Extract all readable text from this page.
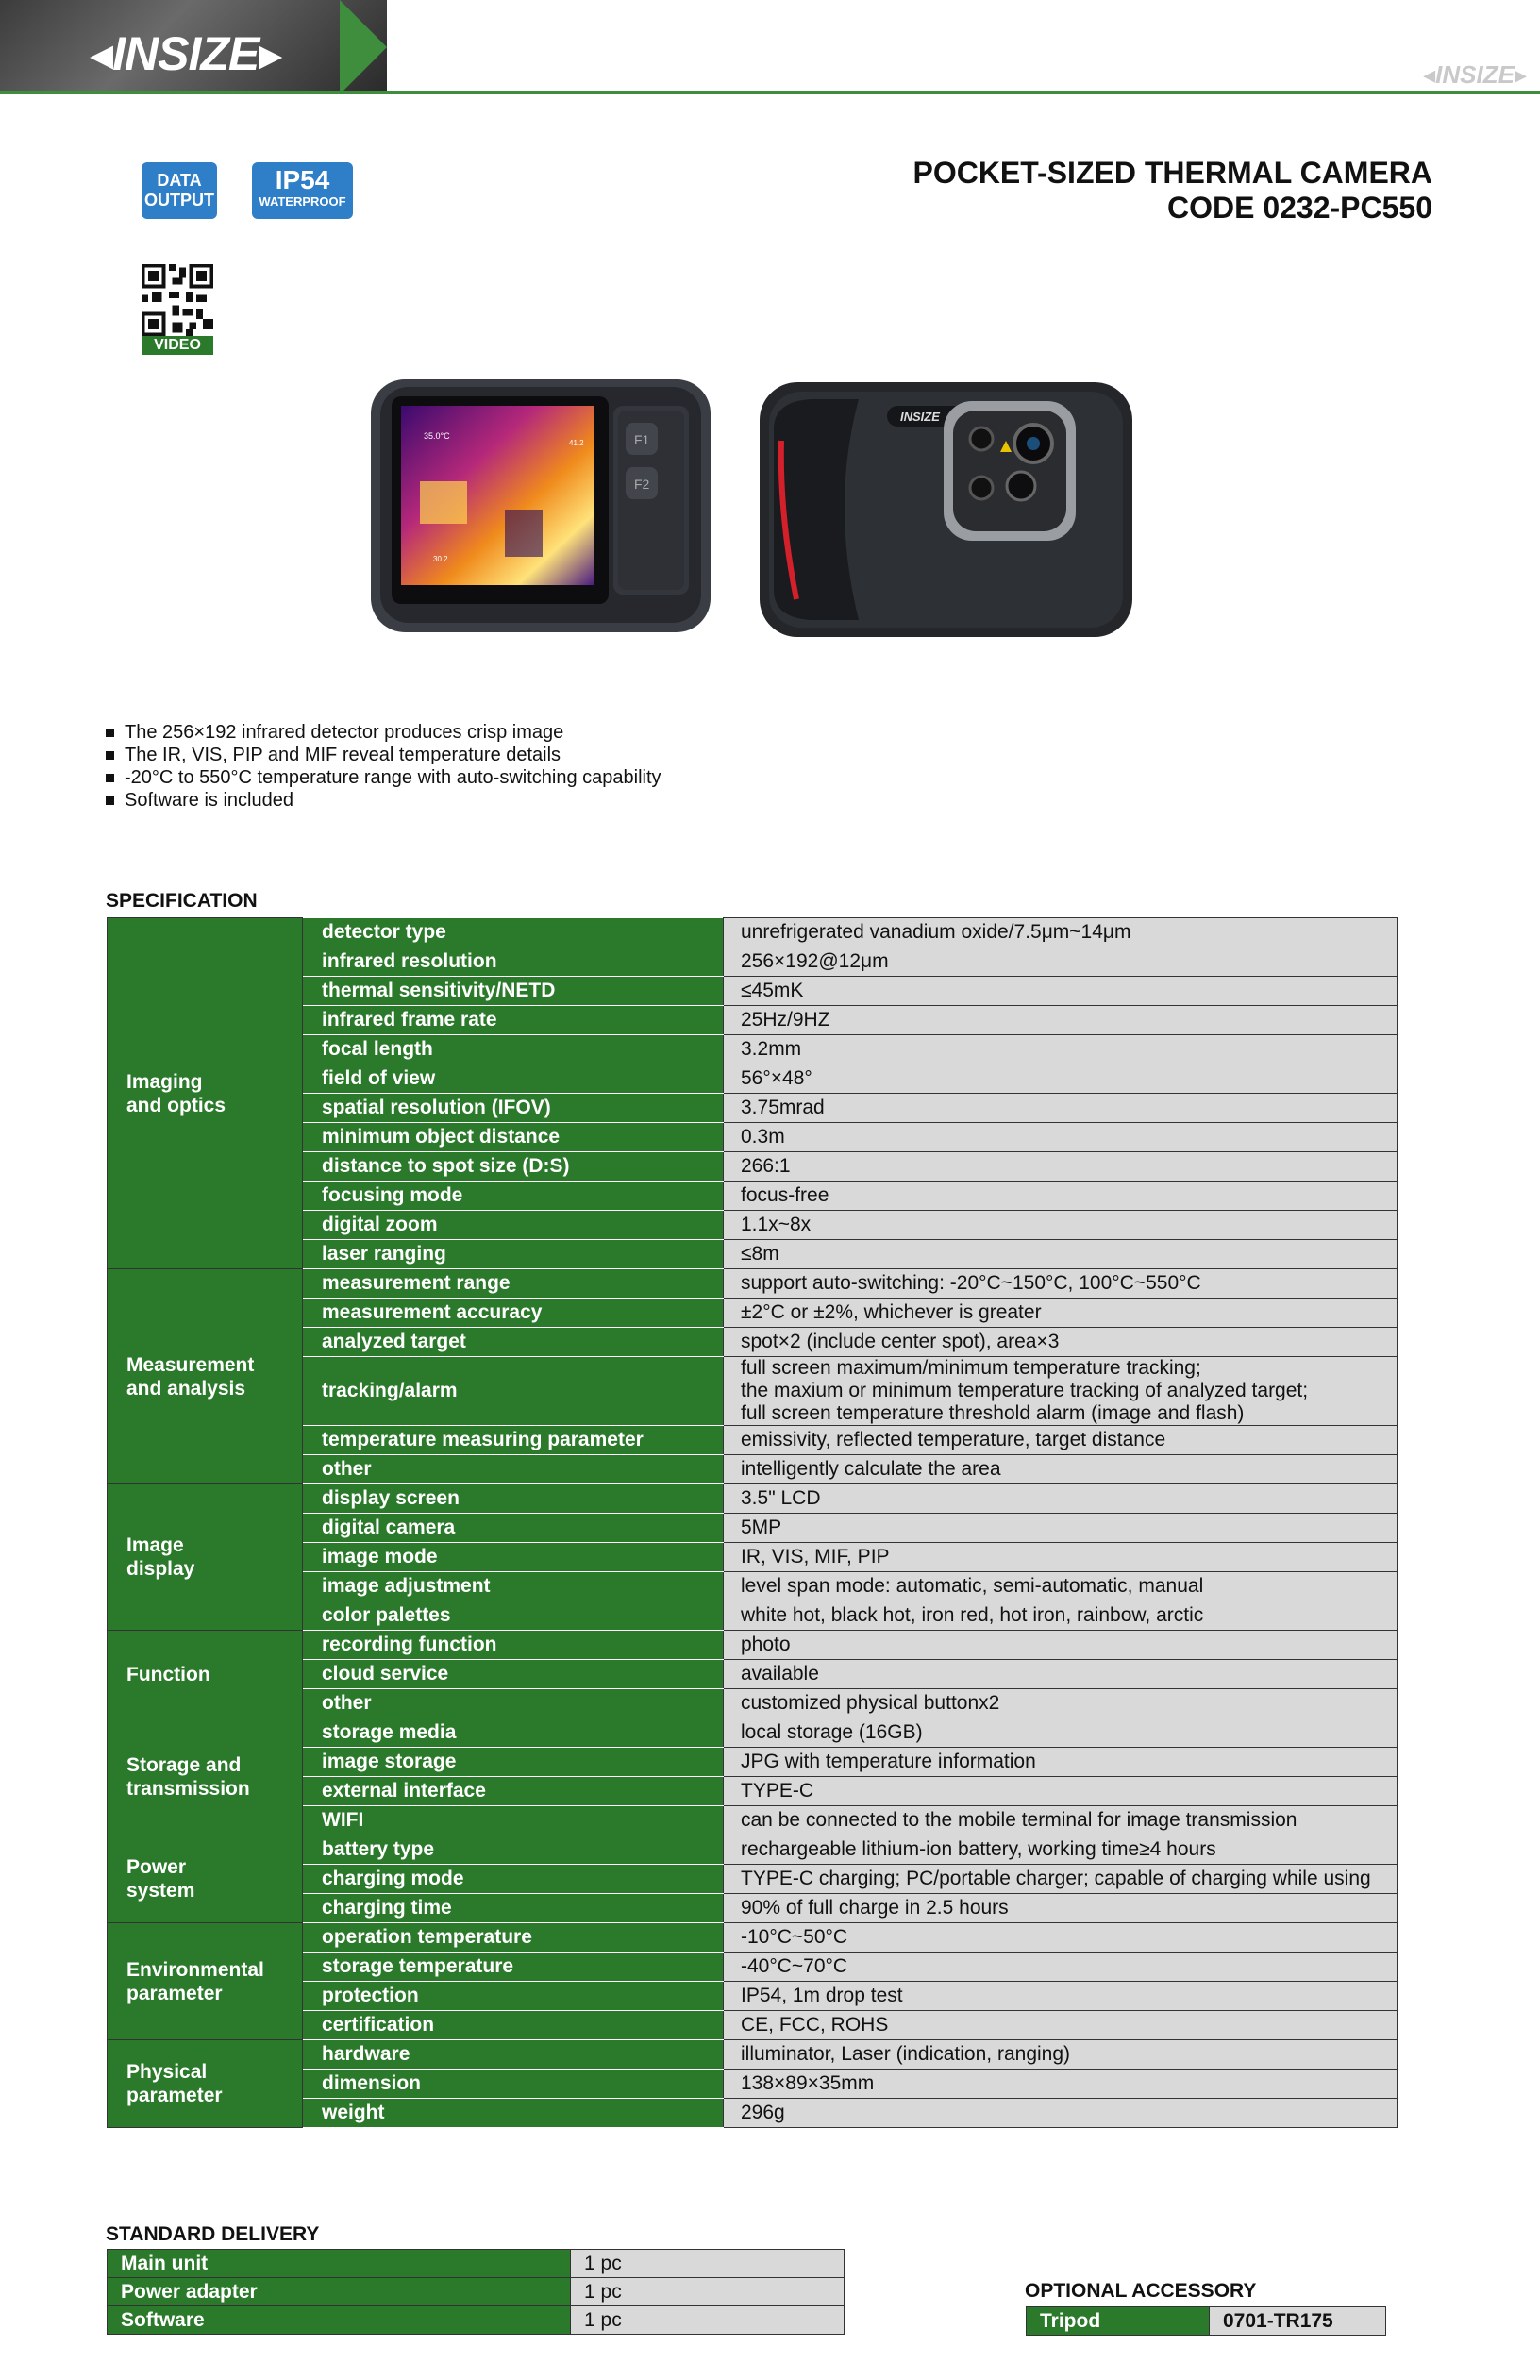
◂INSIZE▸	◂INSIZE▸
DATA
OUTPUT
IP54
WATERPROOF
VIDEO
POCKET-SIZED THERMAL CAMERA
CODE 0232-PC550
35.0°C
41.2
30.2
F1
F2
INSIZE
The 256×192 infrared detector produces crisp image
The IR, VIS, PIP and MIF reveal temperature details
-20°C to 550°C temperature range with auto-switching capability
Software is included
SPECIFICATION
Imaging
and optics	detector type	unrefrigerated vanadium oxide/7.5μm~14μm
	infrared resolution	256×192@12μm
	thermal sensitivity/NETD	≤45mK
	infrared frame rate	25Hz/9HZ
	focal length	3.2mm
	field of view	56°×48°
	spatial resolution (IFOV)	3.75mrad
	minimum object distance	0.3m
	distance to spot size (D:S)	266:1
	focusing mode	focus-free
	digital zoom	1.1x~8x
	laser ranging	≤8m
Measurement
and analysis	measurement range	support auto-switching: -20°C~150°C, 100°C~550°C
	measurement accuracy	±2°C or ±2%, whichever is greater
	analyzed target	spot×2 (include center spot), area×3
	tracking/alarm	full screen maximum/minimum temperature tracking;
the maxium or minimum temperature tracking of analyzed target;
full screen temperature threshold alarm (image and flash)
	temperature measuring parameter	emissivity, reflected temperature, target distance
	other	intelligently calculate the area
Image
display	display screen	3.5" LCD
	digital camera	5MP
	image mode	IR, VIS, MIF, PIP
	image adjustment	level span mode: automatic, semi-automatic, manual
	color palettes	white hot, black hot, iron red, hot iron, rainbow, arctic
Function	recording function	photo
	cloud service	available
	other	customized physical buttonx2
Storage and
transmission	storage media	local storage (16GB)
	image storage	JPG with temperature information
	external interface	TYPE-C
	WIFI	can be connected to the mobile terminal for image transmission
Power
system	battery type	rechargeable lithium-ion battery, working time≥4 hours
	charging mode	TYPE-C charging; PC/portable charger; capable of charging while using
	charging time	90% of full charge in 2.5 hours
Environmental
parameter	operation temperature	-10°C~50°C
	storage temperature	-40°C~70°C
	protection	IP54, 1m drop test
	certification	CE, FCC, ROHS
Physical
parameter	hardware	illuminator, Laser (indication, ranging)
	dimension	138×89×35mm
	weight	296g
STANDARD DELIVERY
Main unit	1 pc
Power adapter	1 pc
Software	1 pc
OPTIONAL ACCESSORY
Tripod	0701-TR175
